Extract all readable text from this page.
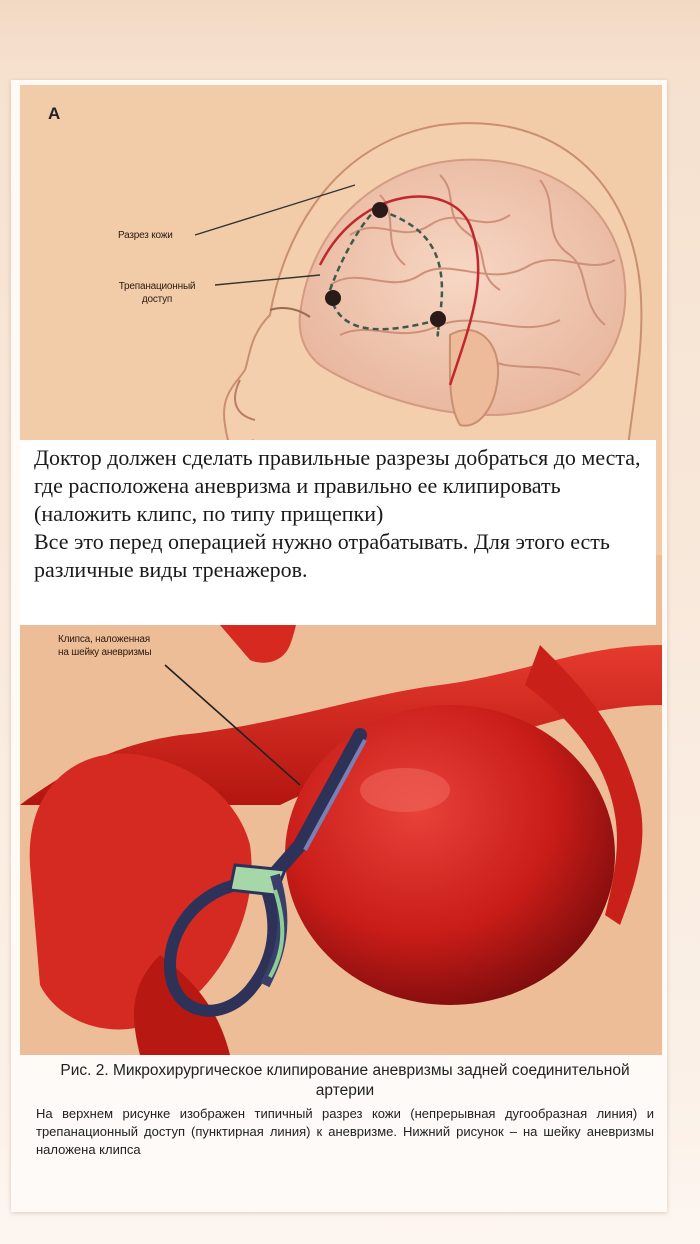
A
Разрез кожи
Трепанационный
доступ
Клипса, наложенная
на шейку аневризмы

Доктор должен сделать правильные разрезы добраться до места, где расположена аневризма и правильно ее клипировать (наложить клипс, по типу прищепки)

Все это перед операцией нужно отрабатывать. Для этого есть различные виды тренажеров.

Рис. 2. Микрохирургическое клипирование аневризмы задней соединительной артерии

На верхнем рисунке изображен типичный разрез кожи (непрерывная дугообразная линия) и трепанационный доступ (пунктирная линия) к аневризме. Нижний рисунок – на шейку аневризмы наложена клипса
